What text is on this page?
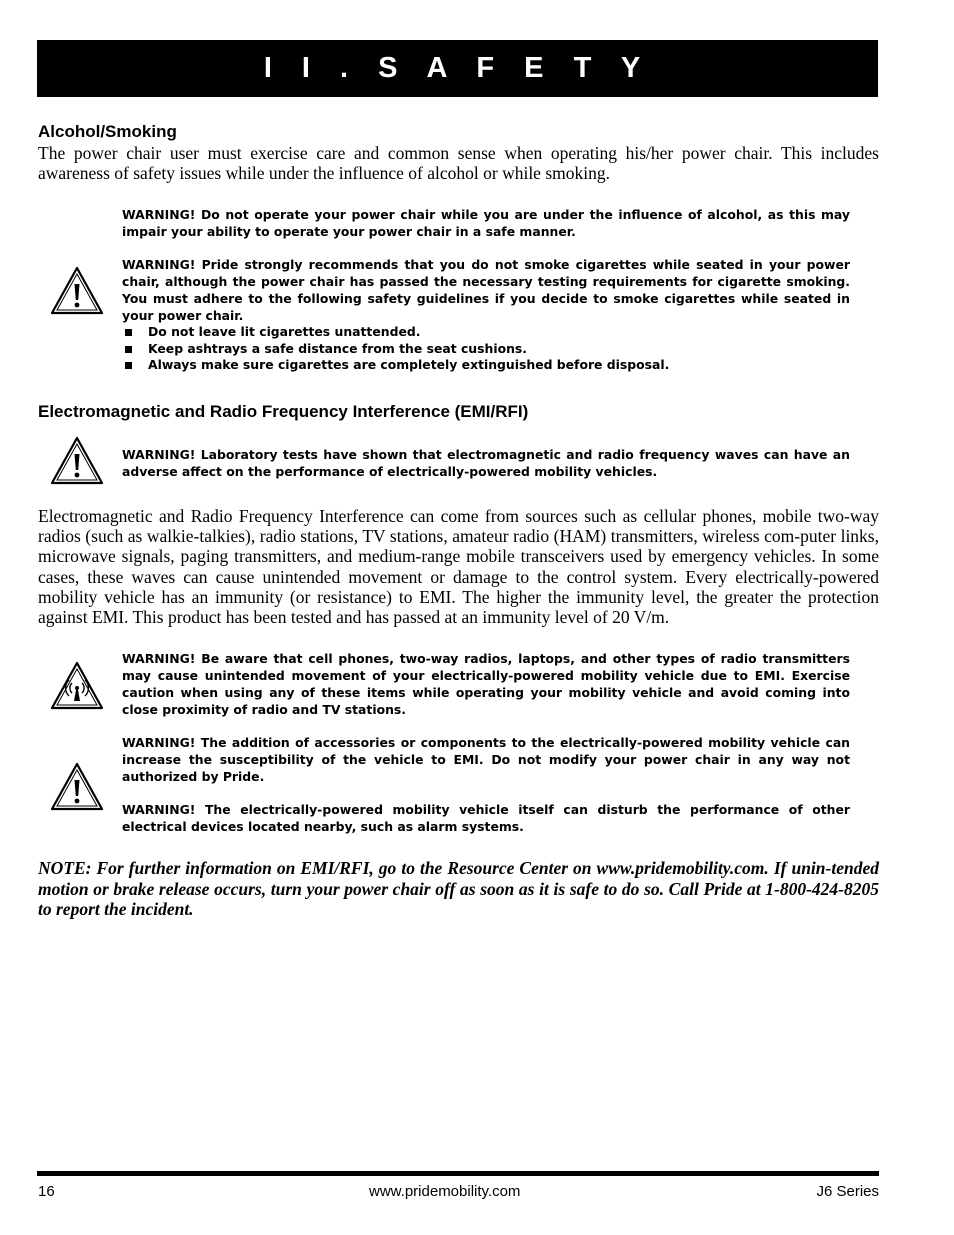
I I . S A F E T Y
Alcohol/Smoking

The power chair user must exercise care and common sense when operating his/her power chair. This includes awareness of safety issues while under the influence of alcohol or while smoking.

WARNING! Do not operate your power chair while you are under the influence of alcohol, as this may impair your ability to operate your power chair in a safe manner.

WARNING! Pride strongly recommends that you do not smoke cigarettes while seated in your power chair, although the power chair has passed the necessary testing requirements for cigarette smoking. You must adhere to the following safety guidelines if you decide to smoke cigarettes while seated in your power chair.

Do not leave lit cigarettes unattended.
Keep ashtrays a safe distance from the seat cushions.
Always make sure cigarettes are completely extinguished before disposal.
Electromagnetic and Radio Frequency Interference (EMI/RFI)

WARNING! Laboratory tests have shown that electromagnetic and radio frequency waves can have an adverse affect on the performance of electrically-powered mobility vehicles.

Electromagnetic and Radio Frequency Interference can come from sources such as cellular phones, mobile two-way radios (such as walkie-talkies), radio stations, TV stations, amateur radio (HAM) transmitters, wireless com-puter links, microwave signals, paging transmitters, and medium-range mobile transceivers used by emergency vehicles. In some cases, these waves can cause unintended movement or damage to the control system. Every electrically-powered mobility vehicle has an immunity (or resistance) to EMI. The higher the immunity level, the greater the protection against EMI. This product has been tested and has passed at an immunity level of 20 V/m.

WARNING! Be aware that cell phones, two-way radios, laptops, and other types of radio transmitters may cause unintended movement of your electrically-powered mobility vehicle due to EMI. Exercise caution when using any of these items while operating your mobility vehicle and avoid coming into close proximity of radio and TV stations.

WARNING! The addition of accessories or components to the electrically-powered mobility vehicle can increase the susceptibility of the vehicle to EMI. Do not modify your power chair in any way not authorized by Pride.

WARNING! The electrically-powered mobility vehicle itself can disturb the performance of other electrical devices located nearby, such as alarm systems.

NOTE: For further information on EMI/RFI, go to the Resource Center on www.pridemobility.com. If unin-tended motion or brake release occurs, turn your power chair off as soon as it is safe to do so. Call Pride at 1-800-424-8205 to report the incident.

16	www.pridemobility.com	J6 Series
